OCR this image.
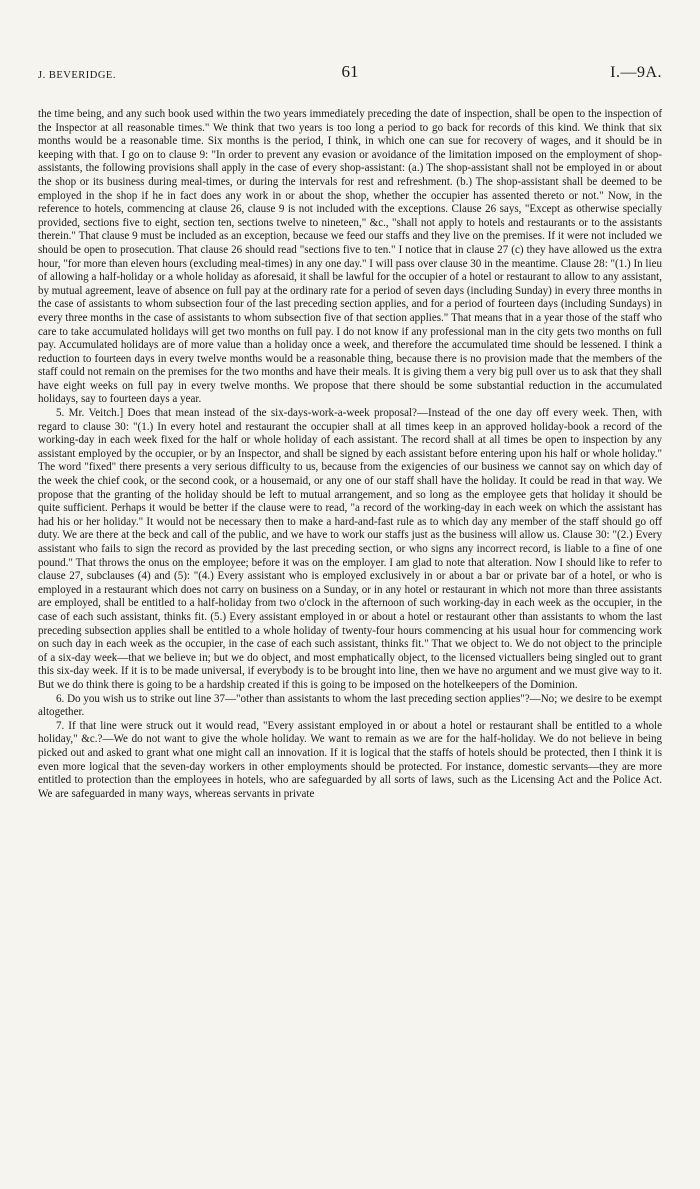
J. BEVERIDGE.	61	I.—9A.

the time being, and any such book used within the two years immediately preceding the date of inspection, shall be open to the inspection of the Inspector at all reasonable times." We think that two years is too long a period to go back for records of this kind. We think that six months would be a reasonable time. Six months is the period, I think, in which one can sue for recovery of wages, and it should be in keeping with that. I go on to clause 9: "In order to prevent any evasion or avoidance of the limitation imposed on the employment of shop-assistants, the following provisions shall apply in the case of every shop-assistant: (a.) The shop-assistant shall not be employed in or about the shop or its business during meal-times, or during the intervals for rest and refreshment. (b.) The shop-assistant shall be deemed to be employed in the shop if he in fact does any work in or about the shop, whether the occupier has assented thereto or not." Now, in the reference to hotels, commencing at clause 26, clause 9 is not included with the exceptions. Clause 26 says, "Except as otherwise specially provided, sections five to eight, section ten, sections twelve to nineteen," &c., "shall not apply to hotels and restaurants or to the assistants therein." That clause 9 must be included as an exception, because we feed our staffs and they live on the premises. If it were not included we should be open to prosecution. That clause 26 should read "sections five to ten." I notice that in clause 27 (c) they have allowed us the extra hour, "for more than eleven hours (excluding meal-times) in any one day." I will pass over clause 30 in the meantime. Clause 28: "(1.) In lieu of allowing a half-holiday or a whole holiday as aforesaid, it shall be lawful for the occupier of a hotel or restaurant to allow to any assistant, by mutual agreement, leave of absence on full pay at the ordinary rate for a period of seven days (including Sunday) in every three months in the case of assistants to whom subsection four of the last preceding section applies, and for a period of fourteen days (including Sundays) in every three months in the case of assistants to whom subsection five of that section applies." That means that in a year those of the staff who care to take accumulated holidays will get two months on full pay. I do not know if any professional man in the city gets two months on full pay. Accumulated holidays are of more value than a holiday once a week, and therefore the accumulated time should be lessened. I think a reduction to fourteen days in every twelve months would be a reasonable thing, because there is no provision made that the members of the staff could not remain on the premises for the two months and have their meals. It is giving them a very big pull over us to ask that they shall have eight weeks on full pay in every twelve months. We propose that there should be some substantial reduction in the accumulated holidays, say to fourteen days a year.

5. Mr. Veitch.] Does that mean instead of the six-days-work-a-week proposal?—Instead of the one day off every week. Then, with regard to clause 30: "(1.) In every hotel and restaurant the occupier shall at all times keep in an approved holiday-book a record of the working-day in each week fixed for the half or whole holiday of each assistant. The record shall at all times be open to inspection by any assistant employed by the occupier, or by an Inspector, and shall be signed by each assistant before entering upon his half or whole holiday." The word "fixed" there presents a very serious difficulty to us, because from the exigencies of our business we cannot say on which day of the week the chief cook, or the second cook, or a housemaid, or any one of our staff shall have the holiday. It could be read in that way. We propose that the granting of the holiday should be left to mutual arrangement, and so long as the employee gets that holiday it should be quite sufficient. Perhaps it would be better if the clause were to read, "a record of the working-day in each week on which the assistant has had his or her holiday." It would not be necessary then to make a hard-and-fast rule as to which day any member of the staff should go off duty. We are there at the beck and call of the public, and we have to work our staffs just as the business will allow us. Clause 30: "(2.) Every assistant who fails to sign the record as provided by the last preceding section, or who signs any incorrect record, is liable to a fine of one pound." That throws the onus on the employee; before it was on the employer. I am glad to note that alteration. Now I should like to refer to clause 27, subclauses (4) and (5): "(4.) Every assistant who is employed exclusively in or about a bar or private bar of a hotel, or who is employed in a restaurant which does not carry on business on a Sunday, or in any hotel or restaurant in which not more than three assistants are employed, shall be entitled to a half-holiday from two o'clock in the afternoon of such working-day in each week as the occupier, in the case of each such assistant, thinks fit. (5.) Every assistant employed in or about a hotel or restaurant other than assistants to whom the last preceding subsection applies shall be entitled to a whole holiday of twenty-four hours commencing at his usual hour for commencing work on such day in each week as the occupier, in the case of each such assistant, thinks fit." That we object to. We do not object to the principle of a six-day week—that we believe in; but we do object, and most emphatically object, to the licensed victuallers being singled out to grant this six-day week. If it is to be made universal, if everybody is to be brought into line, then we have no argument and we must give way to it. But we do think there is going to be a hardship created if this is going to be imposed on the hotelkeepers of the Dominion.

6. Do you wish us to strike out line 37—"other than assistants to whom the last preceding section applies"?—No; we desire to be exempt altogether.

7. If that line were struck out it would read, "Every assistant employed in or about a hotel or restaurant shall be entitled to a whole holiday," &c.?—We do not want to give the whole holiday. We want to remain as we are for the half-holiday. We do not believe in being picked out and asked to grant what one might call an innovation. If it is logical that the staffs of hotels should be protected, then I think it is even more logical that the seven-day workers in other employments should be protected. For instance, domestic servants—they are more entitled to protection than the employees in hotels, who are safeguarded by all sorts of laws, such as the Licensing Act and the Police Act. We are safeguarded in many ways, whereas servants in private
